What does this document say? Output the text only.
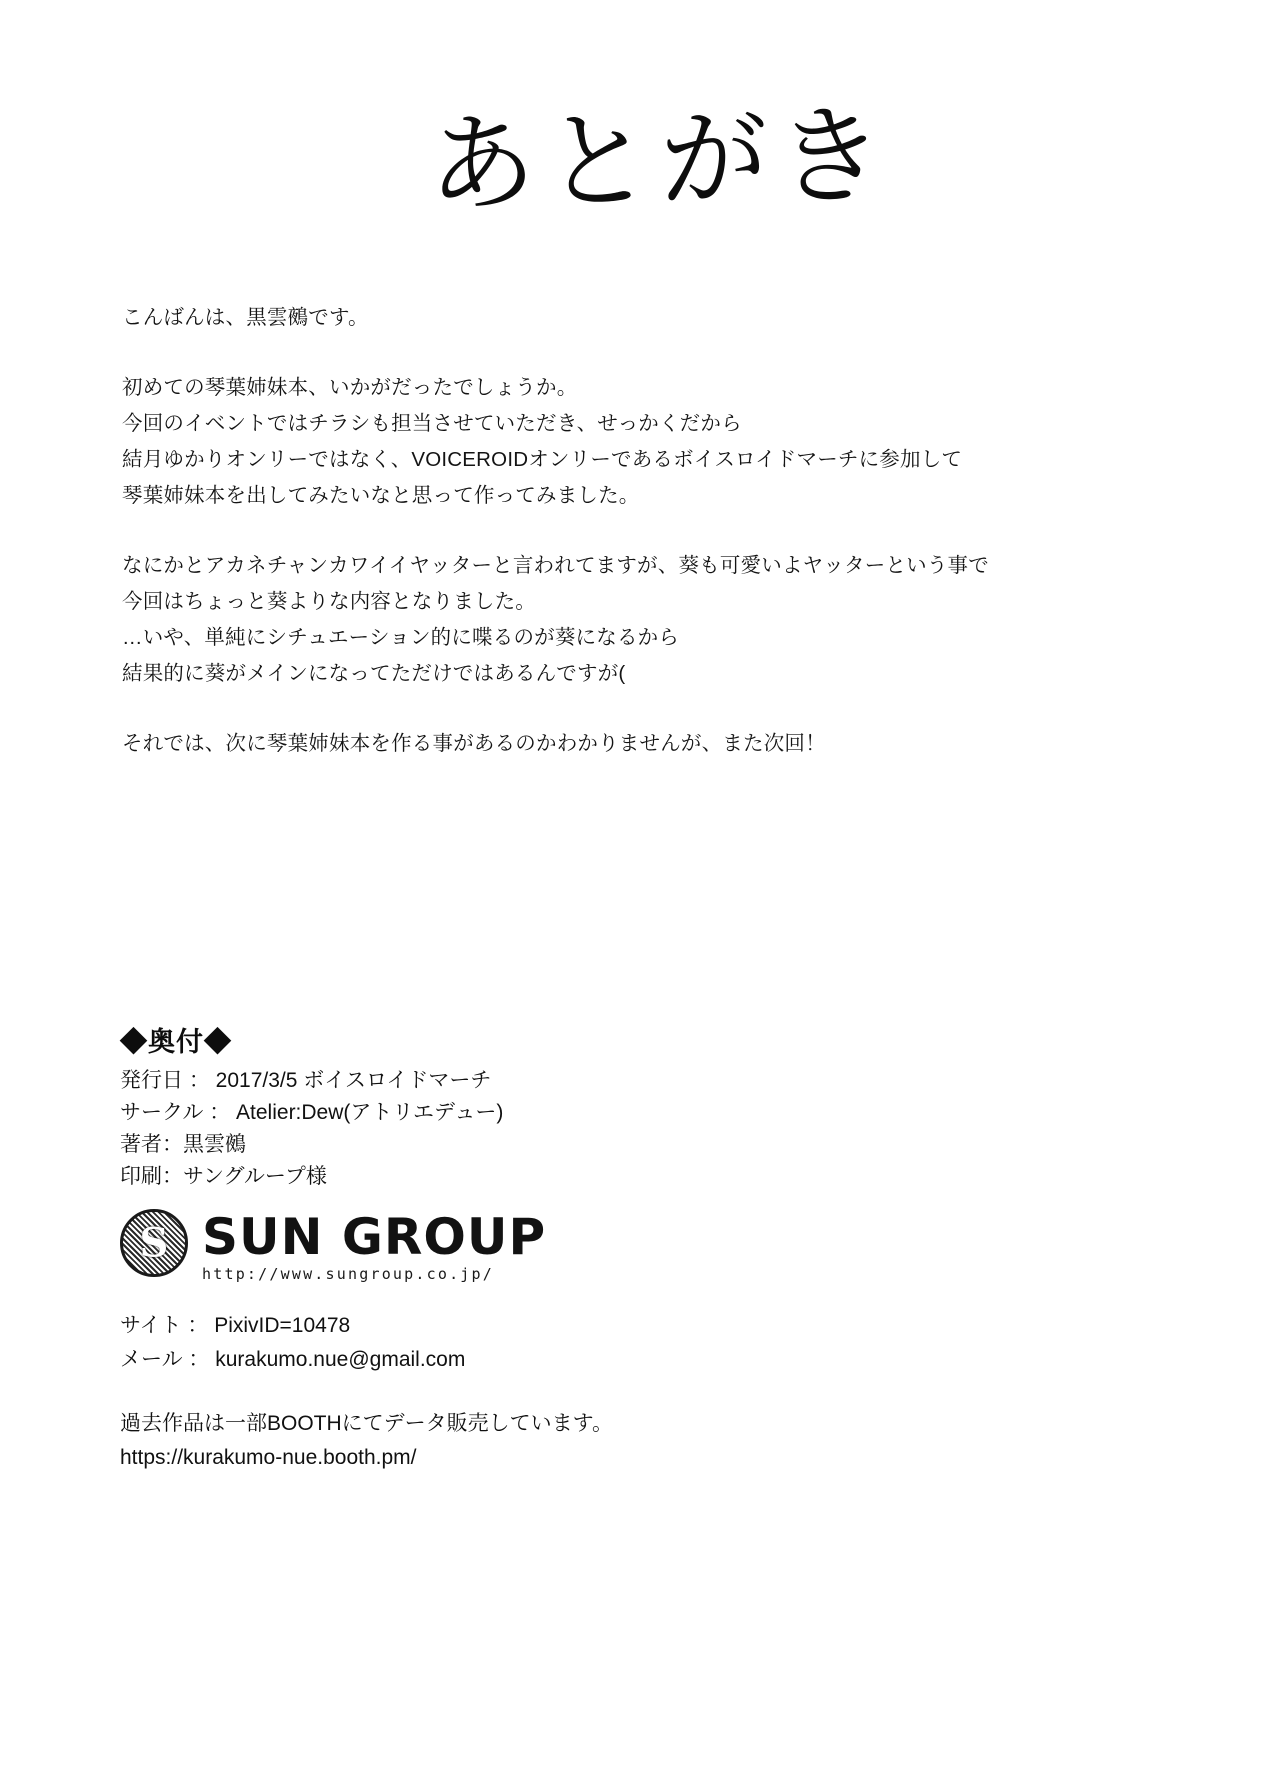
あとがき
こんばんは、黒雲鵺です。
初めての琴葉姉妹本、いかがだったでしょうか。
今回のイベントではチラシも担当させていただき、せっかくだから
結月ゆかりオンリーではなく、VOICEROIDオンリーであるボイスロイドマーチに参加して
琴葉姉妹本を出してみたいなと思って作ってみました。
なにかとアカネチャンカワイイヤッターと言われてますが、葵も可愛いよヤッターという事で
今回はちょっと葵よりな内容となりました。
…いや、単純にシチュエーション的に喋るのが葵になるから
結果的に葵がメインになってただけではあるんですが(
それでは、次に琴葉姉妹本を作る事があるのかわかりませんが、また次回！
◆奥付◆
発行日 ： 2017/3/5 ボイスロイドマーチ
サークル ： Atelier:Dew(アトリエデュー)
著者：黒雲鵺
印刷：サングループ様
S
SUN GROUP
http://www.sungroup.co.jp/
サイト ： PixivID=10478
メール ： kurakumo.nue@gmail.com
過去作品は一部BOOTHにてデータ販売しています。
https://kurakumo-nue.booth.pm/
